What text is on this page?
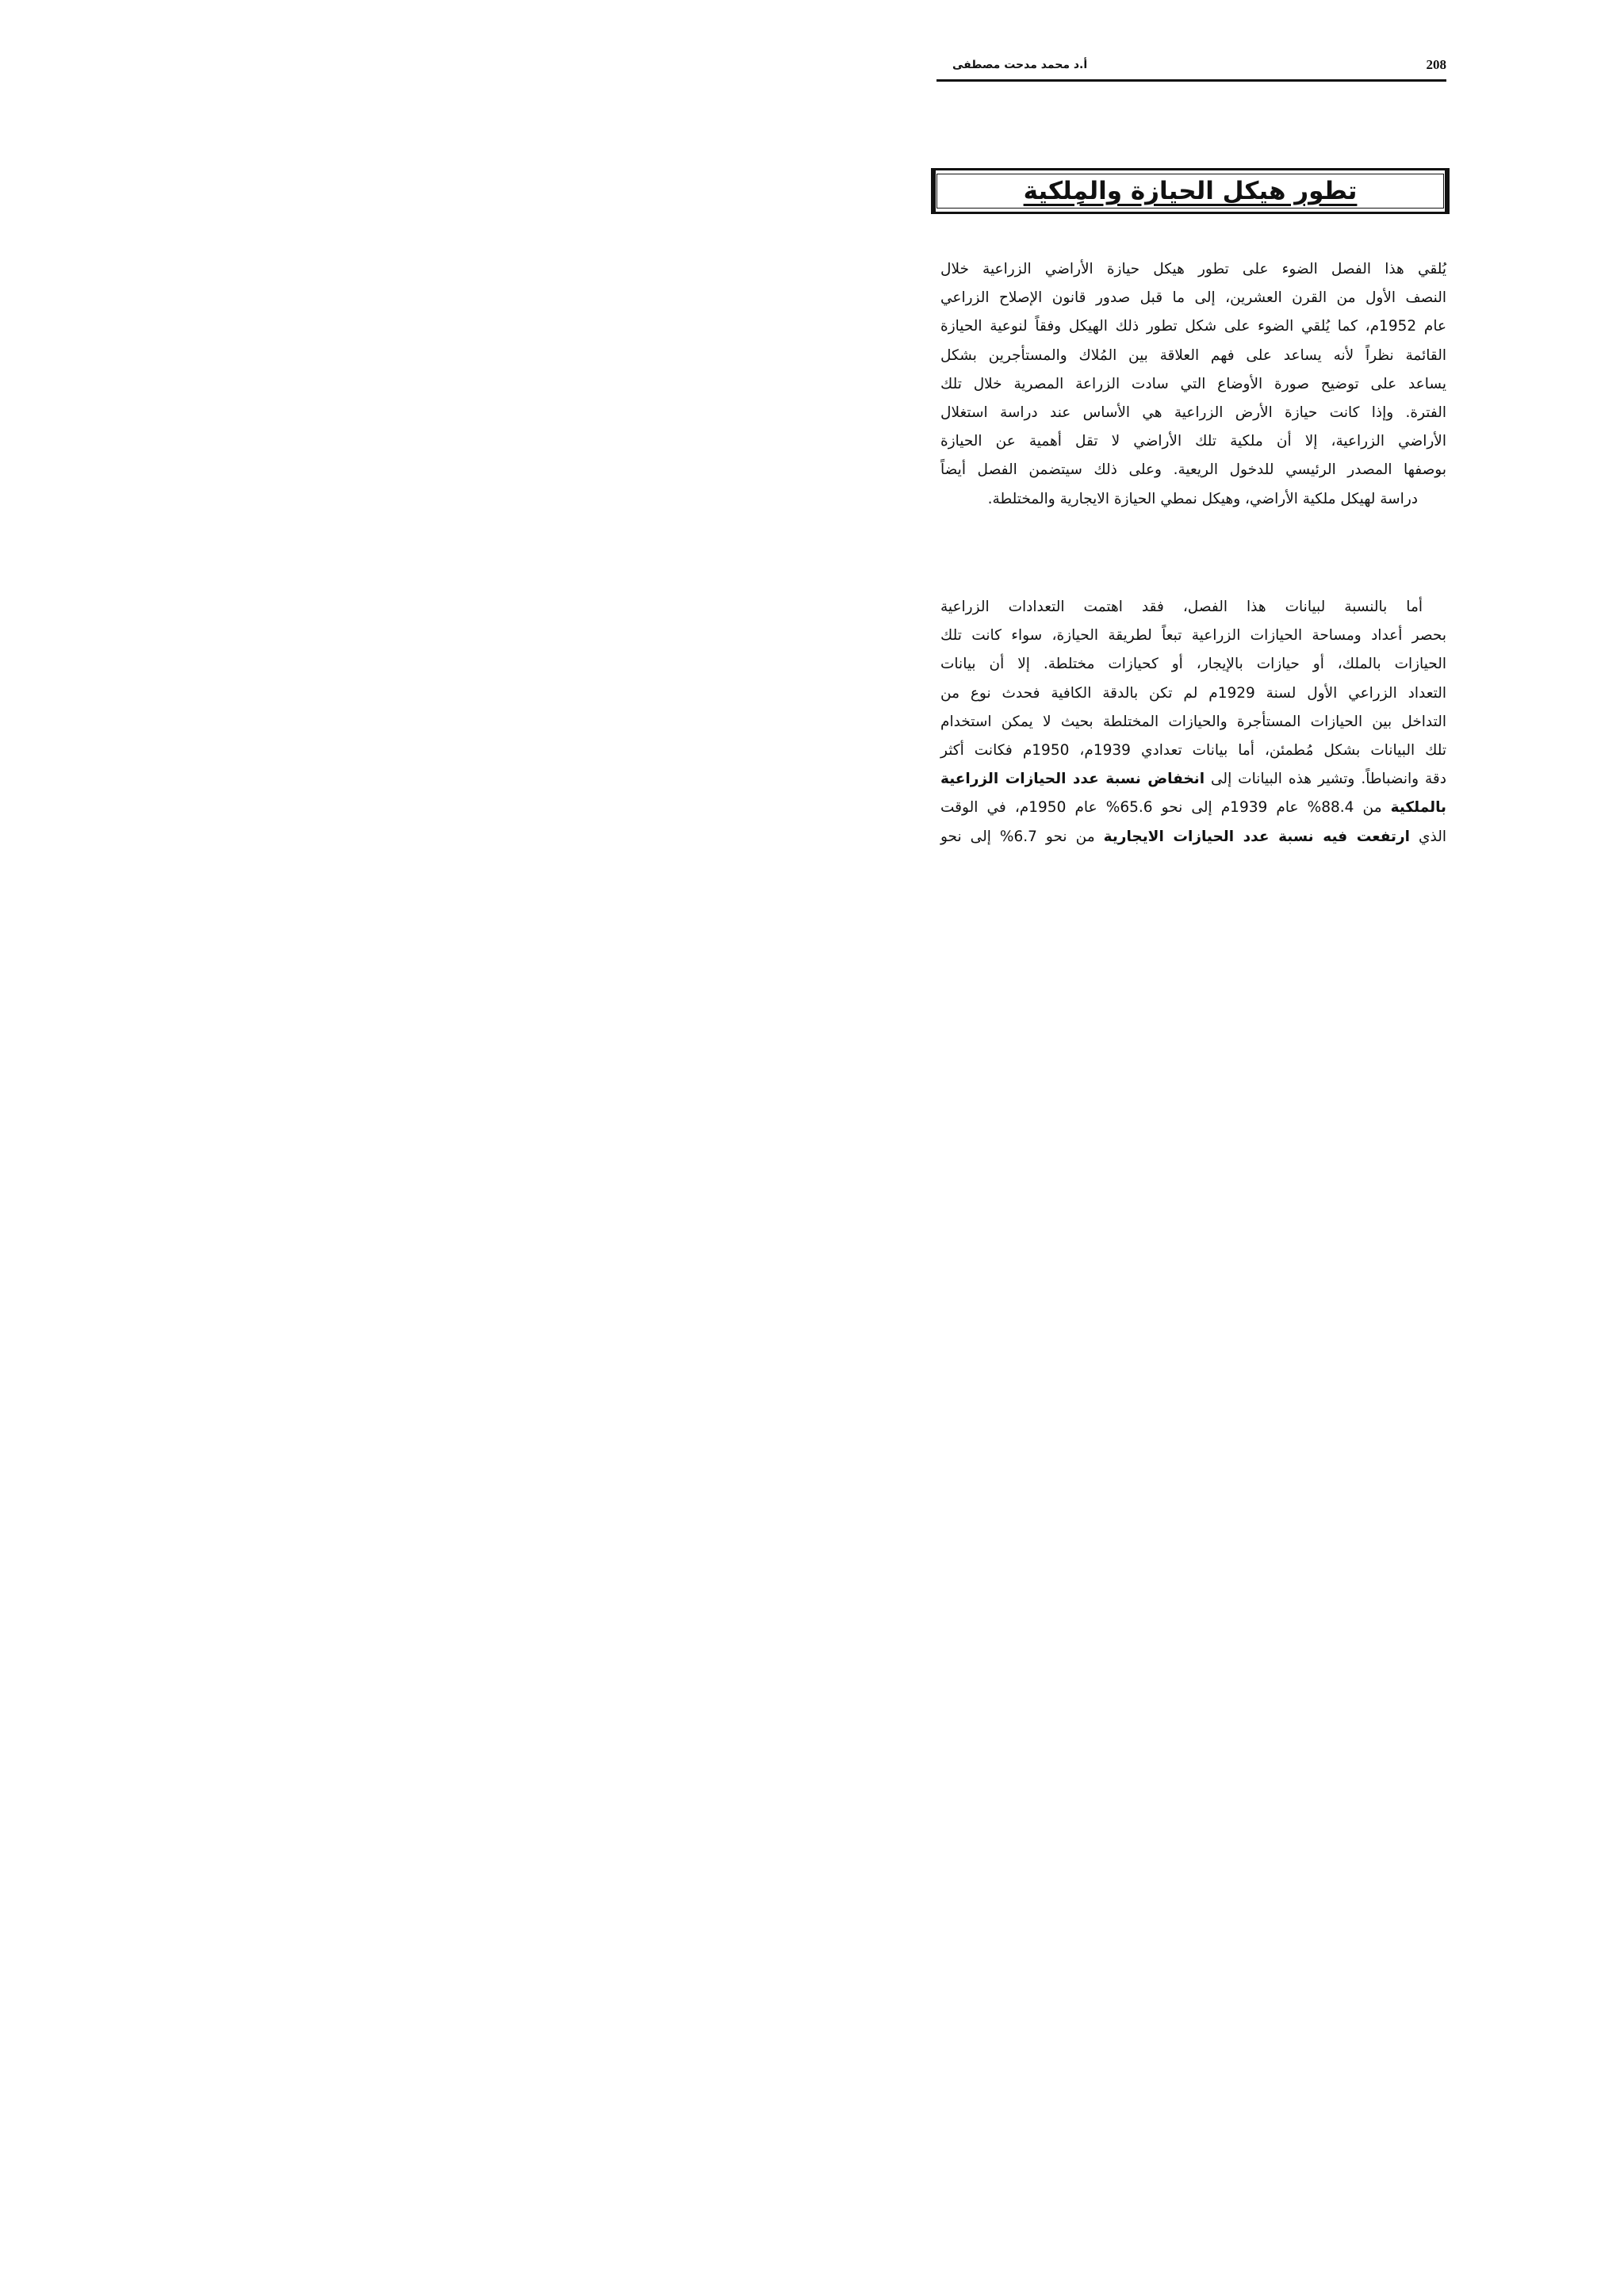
208
أ.د محمد مدحت مصطفى
تطور هيكل الحيازة والمِلكية
يُلقي هذا الفصل الضوء على تطور هيكل حيازة الأراضي الزراعية خلال
النصف الأول من القرن العشرين، إلى ما قبل صدور قانون الإصلاح الزراعي
عام 1952م، كما يُلقي الضوء على شكل تطور ذلك الهيكل وفقاً لنوعية الحيازة
القائمة نظراً لأنه يساعد على فهم العلاقة بين المُلاك والمستأجرين بشكل
يساعد على توضيح صورة الأوضاع التي سادت الزراعة المصرية خلال تلك
الفترة. وإذا كانت حيازة الأرض الزراعية هي الأساس عند دراسة استغلال
الأراضي الزراعية، إلا أن ملكية تلك الأراضي لا تقل أهمية عن الحيازة
بوصفها المصدر الرئيسي للدخول الريعية. وعلى ذلك سيتضمن الفصل أيضاً
دراسة لهيكل ملكية الأراضي، وهيكل نمطي الحيازة الايجارية والمختلطة.
أما بالنسبة لبيانات هذا الفصل، فقد اهتمت التعدادات الزراعية
بحصر أعداد ومساحة الحيازات الزراعية تبعاً لطريقة الحيازة، سواء كانت تلك
الحيازات بالملك، أو حيازات بالإيجار، أو كحيازات مختلطة. إلا أن بيانات
التعداد الزراعي الأول لسنة 1929م لم تكن بالدقة الكافية فحدث نوع من
التداخل بين الحيازات المستأجرة والحيازات المختلطة بحيث لا يمكن استخدام
تلك البيانات بشكل مُطمئن، أما بيانات تعدادي 1939م، 1950م فكانت أكثر
دقة وانضباطاً. وتشير هذه البيانات إلى انخفاض نسبة عدد الحيازات الزراعية
بالملكية من 88.4% عام 1939م إلى نحو 65.6% عام 1950م، في الوقت
الذي ارتفعت فيه نسبة عدد الحيازات الايجارية من نحو 6.7% إلى نحو
